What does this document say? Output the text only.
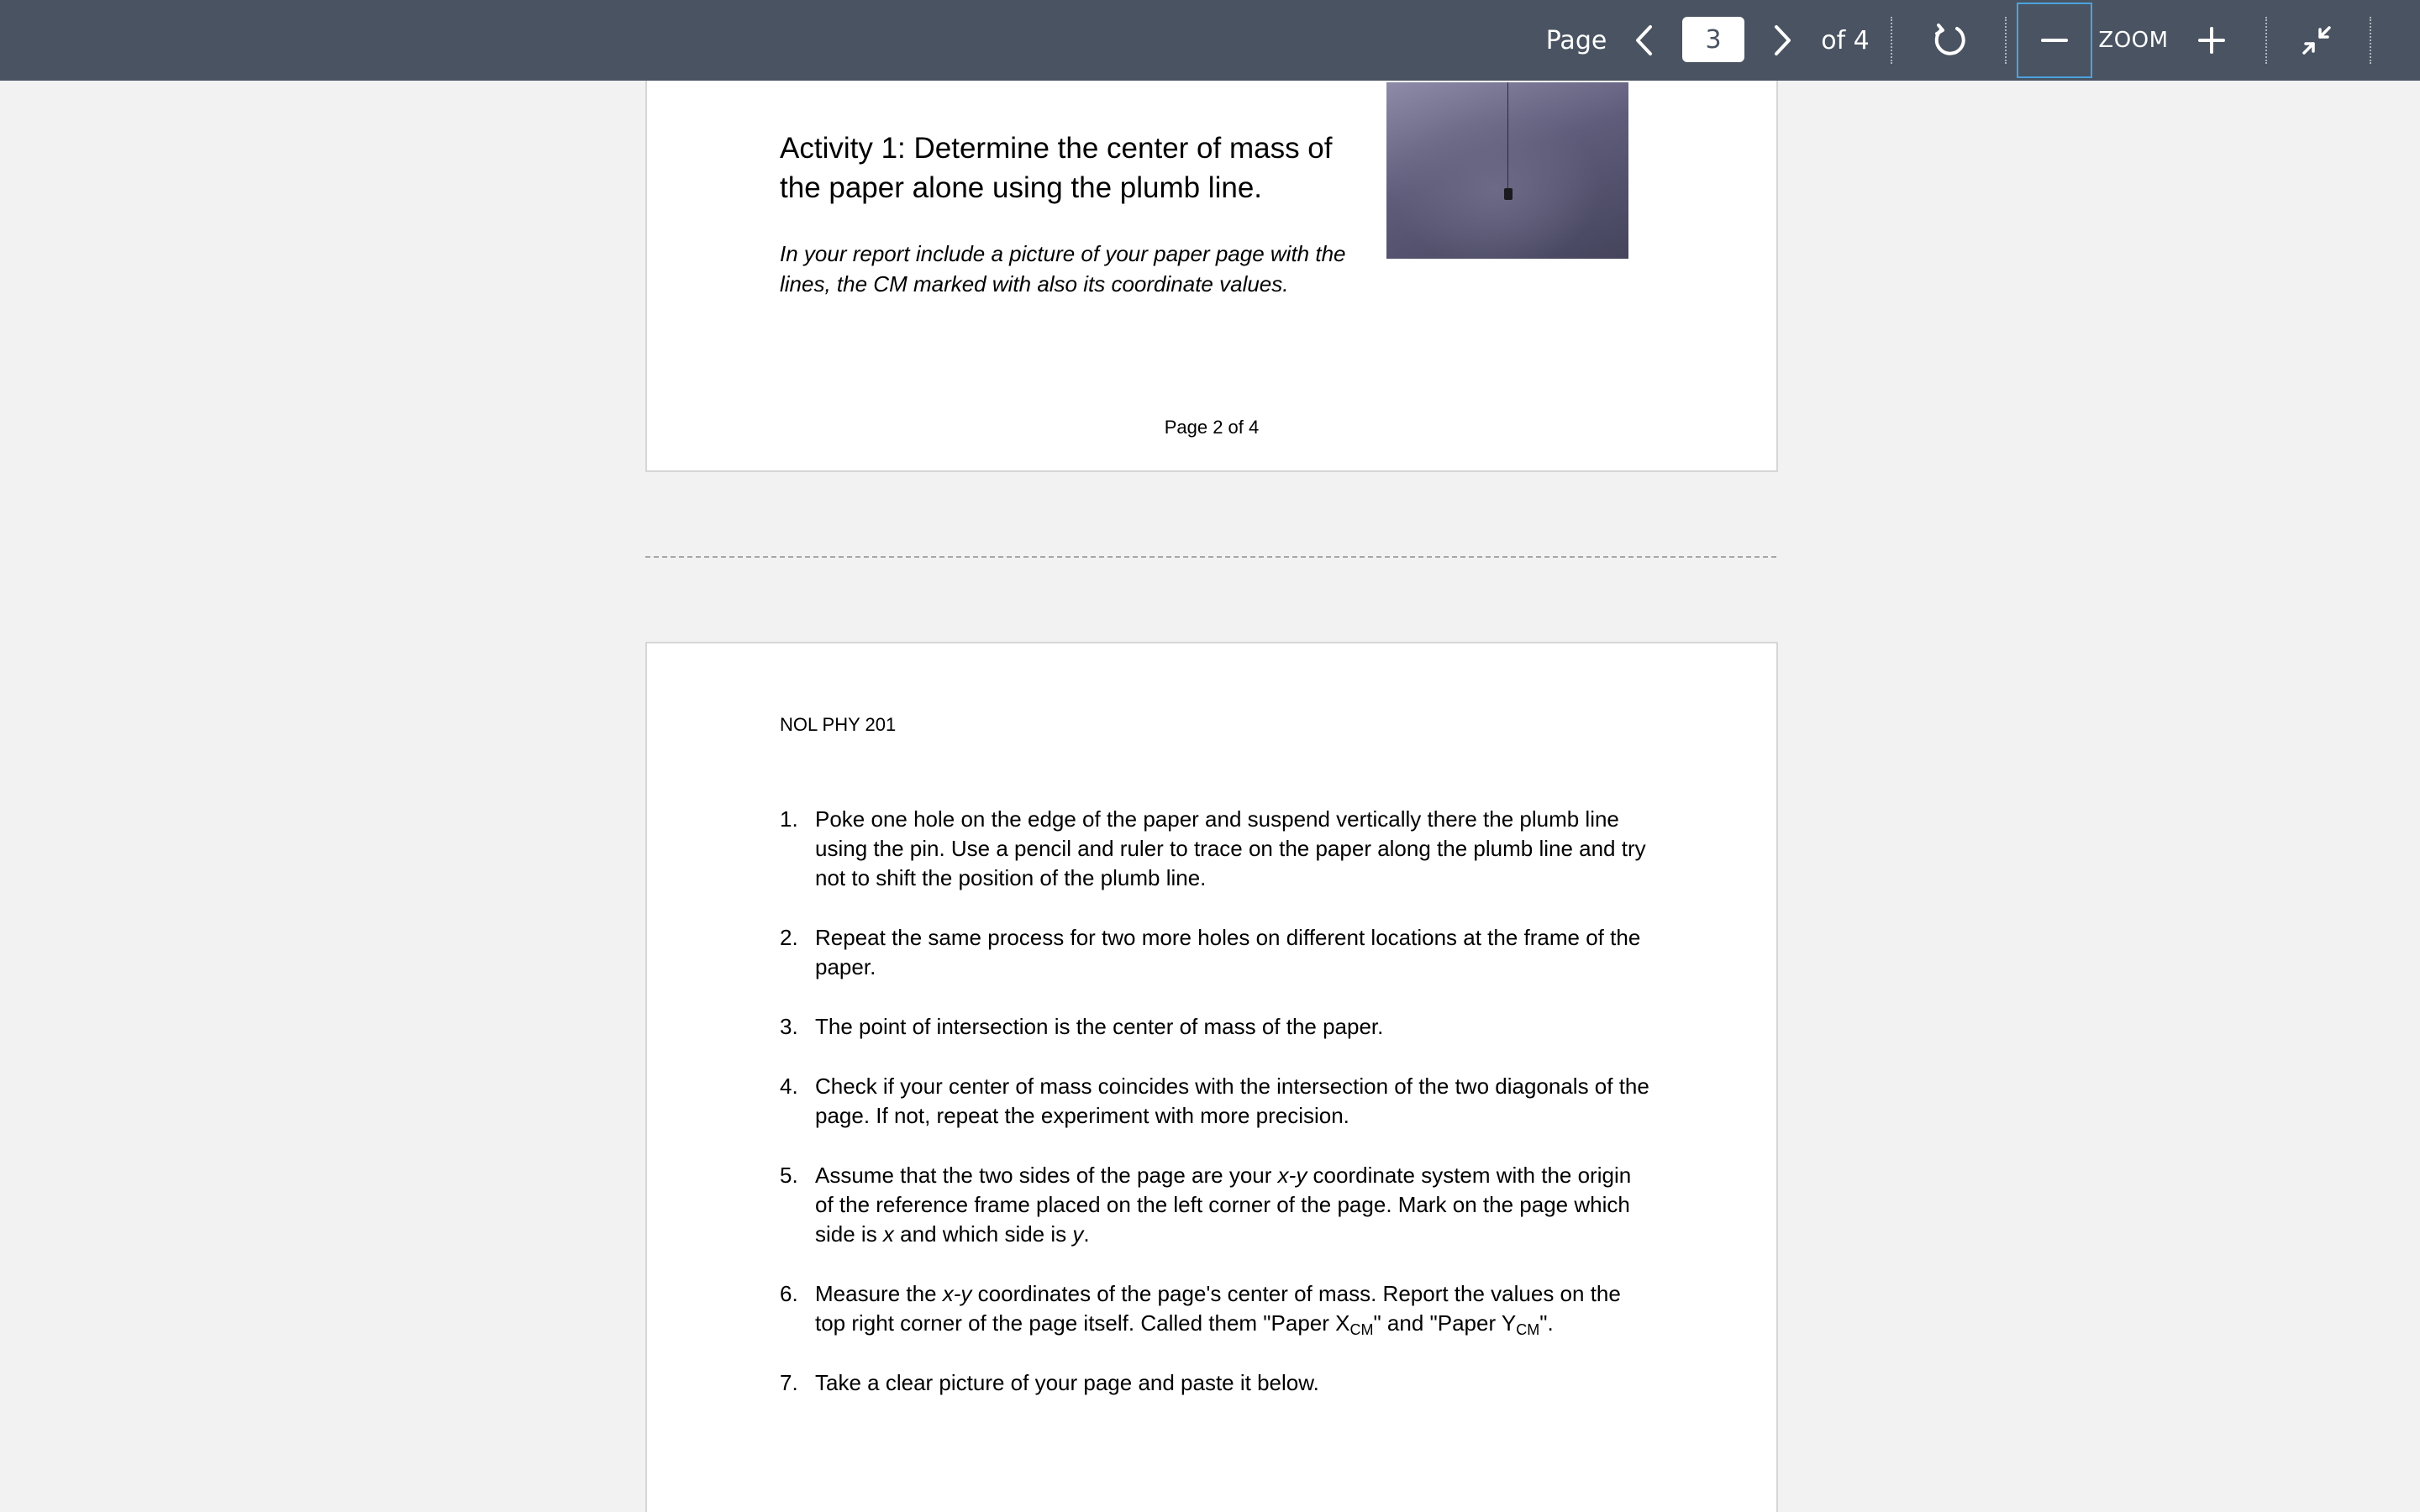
Page
3	of 4	ZOOM
Activity 1: Determine the center of mass of the paper alone using the plumb line.

In your report include a picture of your paper page with the lines, the CM marked with also its coordinate values.

Page 2 of 4
NOL PHY 201
1. Poke one hole on the edge of the paper and suspend vertically there the plumb line using the pin. Use a pencil and ruler to trace on the paper along the plumb line and try not to shift the position of the plumb line.
2. Repeat the same process for two more holes on different locations at the frame of the paper.
3. The point of intersection is the center of mass of the paper.
4. Check if your center of mass coincides with the intersection of the two diagonals of the page. If not, repeat the experiment with more precision.
5. Assume that the two sides of the page are your x-y coordinate system with the origin of the reference frame placed on the left corner of the page. Mark on the page which side is x and which side is y.
6. Measure the x-y coordinates of the page's center of mass. Report the values on the top right corner of the page itself. Called them "Paper $X_{CM}$" and "Paper $Y_{CM}$".
7. Take a clear picture of your page and paste it below.
